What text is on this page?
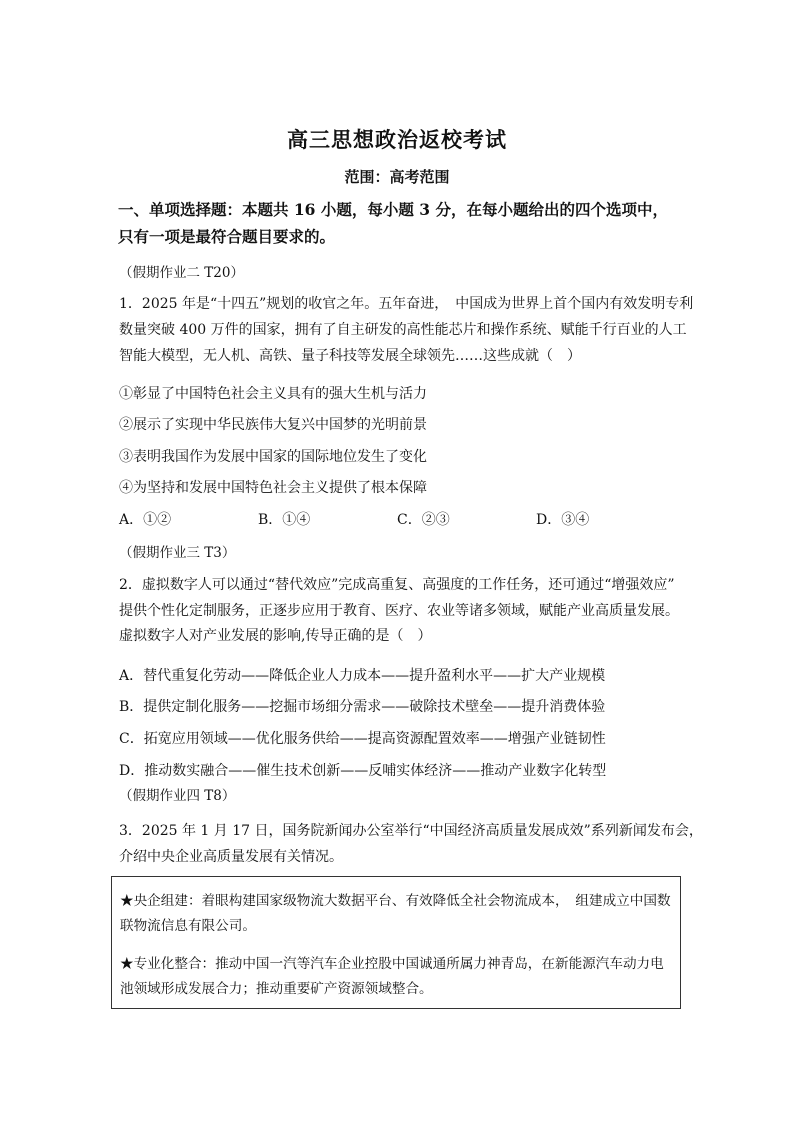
高三思想政治返校考试
范围：高考范围
一、单项选择题：本题共 16 小题，每小题 3 分，在每小题给出的四个选项中，
只有一项是最符合题目要求的。
（假期作业二 T20）
1．2025 年是“十四五”规划的收官之年。五年奋进，　中国成为世界上首个国内有效发明专利
数量突破 400 万件的国家，拥有了自主研发的高性能芯片和操作系统、赋能千行百业的人工
智能大模型，无人机、高铁、量子科技等发展全球领先……这些成就（　）
①彰显了中国特色社会主义具有的强大生机与活力
②展示了实现中华民族伟大复兴中国梦的光明前景
③表明我国作为发展中国家的国际地位发生了变化
④为坚持和发展中国特色社会主义提供了根本保障
A．①②	B．①④	C．②③	D．③④
（假期作业三 T3）
2．虚拟数字人可以通过“替代效应”完成高重复、高强度的工作任务，还可通过“增强效应”
提供个性化定制服务，正逐步应用于教育、医疗、农业等诸多领域，赋能产业高质量发展。
虚拟数字人对产业发展的影响,传导正确的是（　）
A．替代重复化劳动——降低企业人力成本——提升盈利水平——扩大产业规模
B．提供定制化服务——挖掘市场细分需求——破除技术壁垒——提升消费体验
C．拓宽应用领域——优化服务供给——提高资源配置效率——增强产业链韧性
D．推动数实融合——催生技术创新——反哺实体经济——推动产业数字化转型
（假期作业四 T8）
3．2025 年 1 月 17 日，国务院新闻办公室举行“中国经济高质量发展成效”系列新闻发布会，
介绍中央企业高质量发展有关情况。
★央企组建：着眼构建国家级物流大数据平台、有效降低全社会物流成本，　组建成立中国数
联物流信息有限公司。
★专业化整合：推动中国一汽等汽车企业控股中国诚通所属力神青岛，在新能源汽车动力电
池领域形成发展合力；推动重要矿产资源领域整合。
